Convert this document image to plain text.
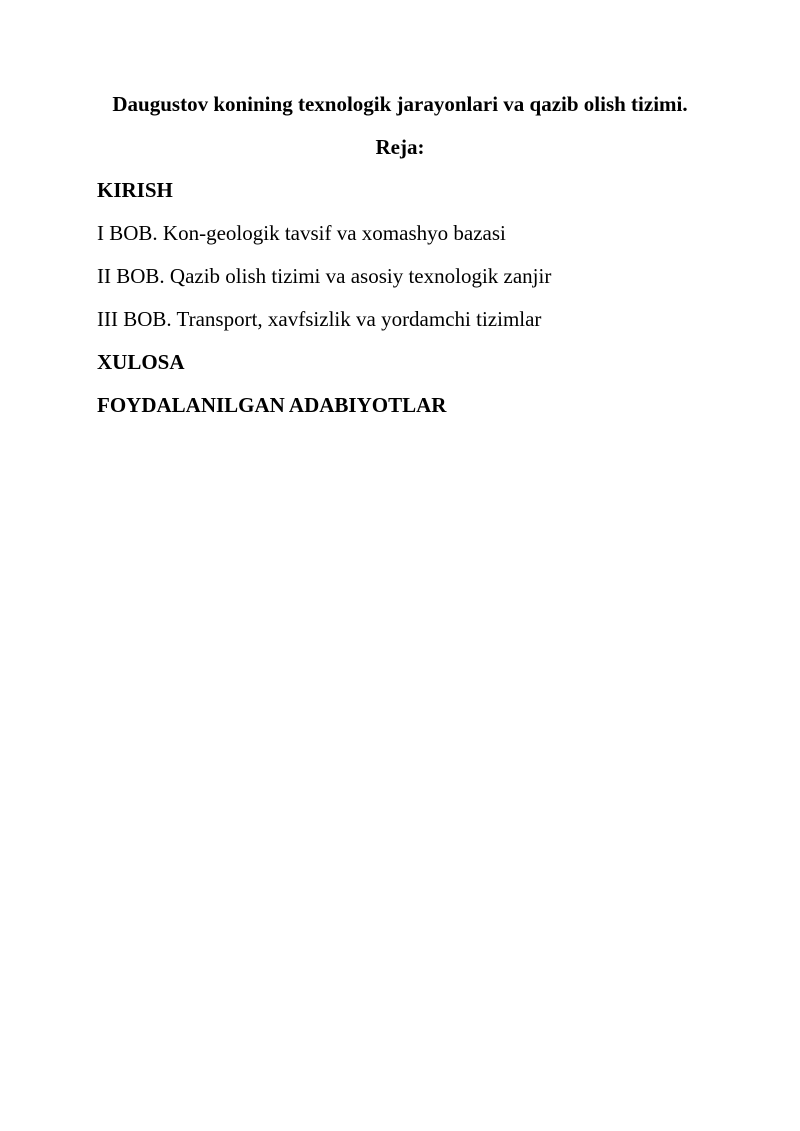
Daugustov konining texnologik jarayonlari va qazib olish tizimi.
Reja:
KIRISH
I BOB. Kon-geologik tavsif va xomashyo bazasi
II BOB. Qazib olish tizimi va asosiy texnologik zanjir
III BOB. Transport, xavfsizlik va yordamchi tizimlar
XULOSA
FOYDALANILGAN ADABIYOTLAR
